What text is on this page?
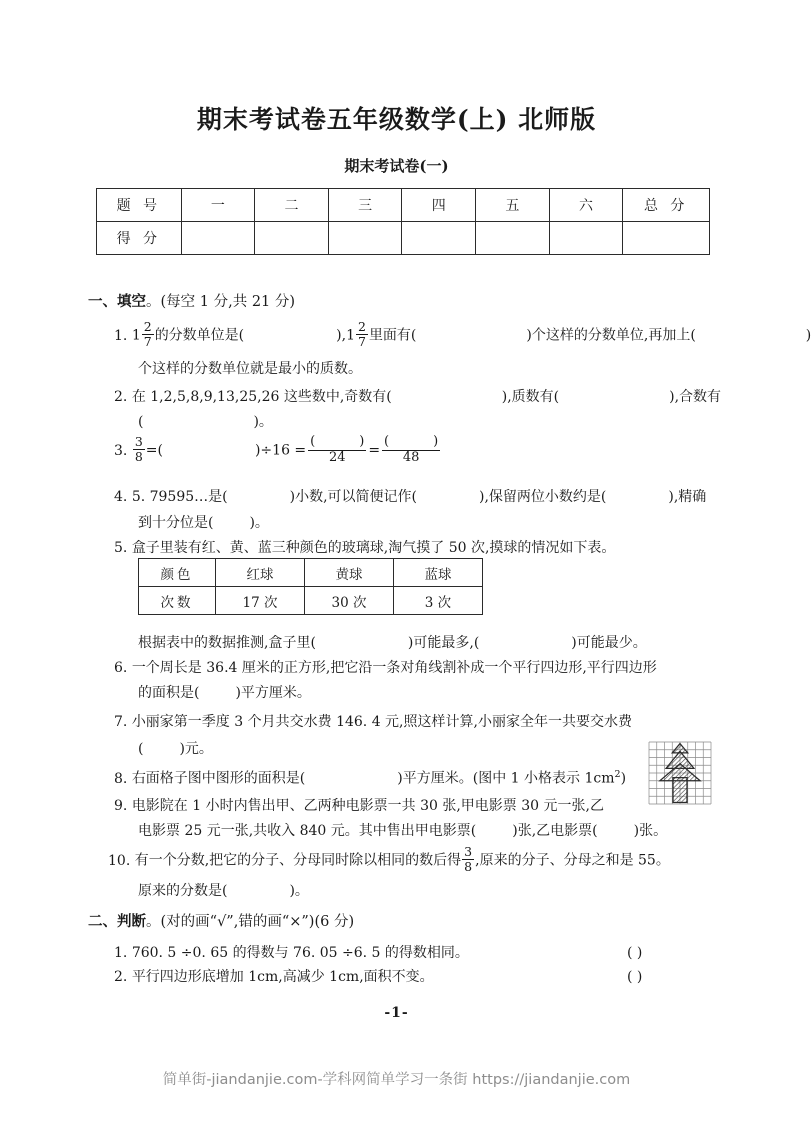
期末考试卷五年级数学(上) 北师版
期末考试卷(一)
题 号	一	二	三	四	五	六	总 分
得 分							
一、填空。(每空 1 分,共 21 分)
1. $1 \frac{2}{7}$ 的分数单位是(	)$,1 \frac{2}{7}$ 里面有(	)个这样的分数单位,再加上(	)
个这样的分数单位就是最小的质数。
2. 在 1,2,5,8,9,13,25,26 这些数中,奇数有(	),质数有(	),合数有
(	)。
3. $\frac{3}{8}$ =(	)÷16 = (	)
24 = (	)
48
4. 5. 79595…是(	)小数,可以简便记作(	),保留两位小数约是(	),精确
到十分位是(	)。
5. 盒子里装有红、黄、蓝三种颜色的玻璃球,淘气摸了 50 次,摸球的情况如下表。
颜色	红球	黄球	蓝球
次数	17 次	30 次	3 次
根据表中的数据推测,盒子里(	)可能最多,(	)可能最少。
6. 一个周长是 36.4 厘米的正方形,把它沿一条对角线割补成一个平行四边形,平行四边形
的面积是(	)平方厘米。
7. 小丽家第一季度 3 个月共交水费 146. 4 元,照这样计算,小丽家全年一共要交水费
(	)元。
8. 右面格子图中图形的面积是(	)平方厘米。(图中 1 小格表示 $1cm^2$)
9. 电影院在 1 小时内售出甲、乙两种电影票一共 30 张,甲电影票 30 元一张,乙
电影票 25 元一张,共收入 840 元。其中售出甲电影票(	)张,乙电影票(	)张。
10. 有一个分数,把它的分子、分母同时除以相同的数后得 $\frac{3}{8}$ ,原来的分子、分母之和是 55。
原来的分数是(	)。
二、判断。(对的画“√”,错的画“×”)(6 分)
1. 760. 5 ÷0. 65 的得数与 76. 05 ÷6. 5 的得数相同。	( )
2. 平行四边形底增加 1cm,高减少 1cm,面积不变。	( )
-1-
简单街-jiandanjie.com-学科网简单学习一条街 https://jiandanjie.com
